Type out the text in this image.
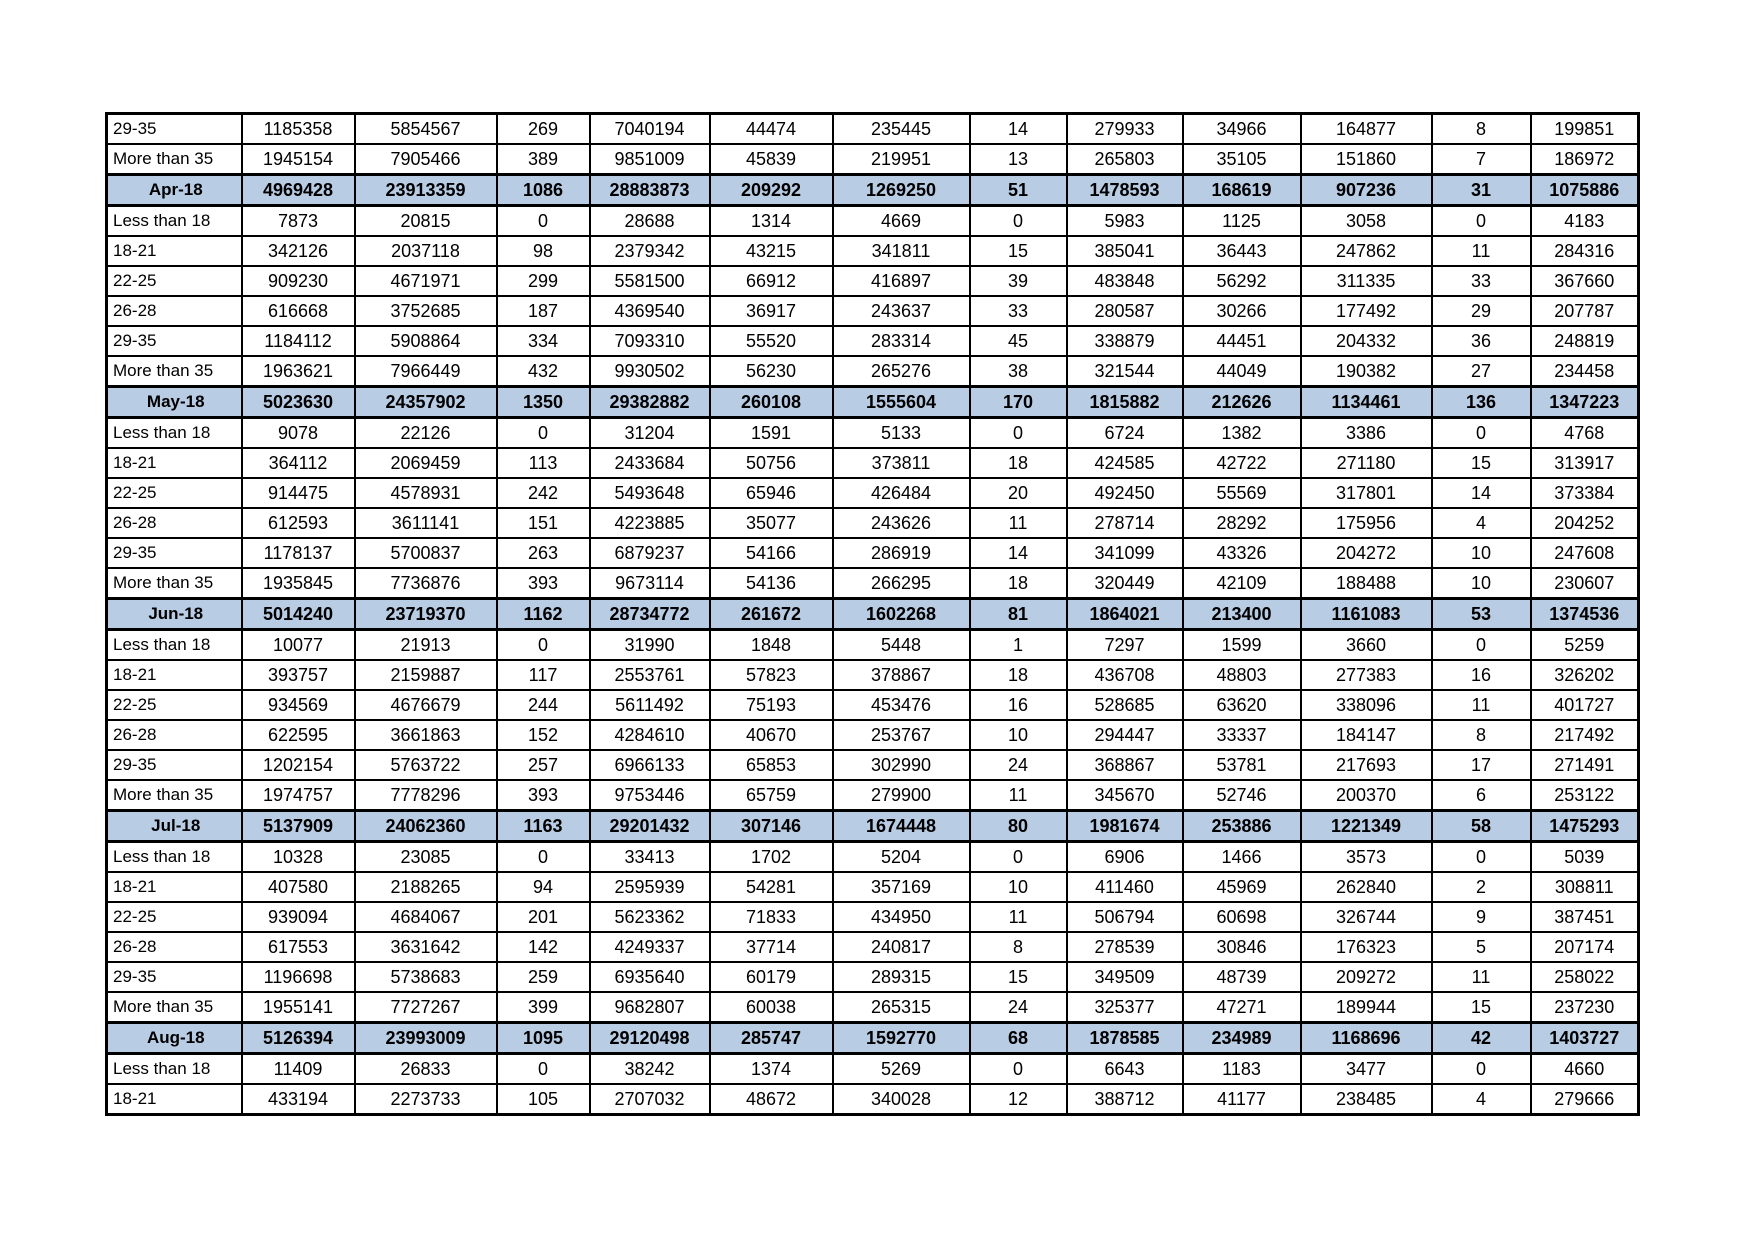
29-35	1185358	5854567	269	7040194	44474	235445	14	279933	34966	164877	8	199851
More than 35	1945154	7905466	389	9851009	45839	219951	13	265803	35105	151860	7	186972
Apr-18	4969428	23913359	1086	28883873	209292	1269250	51	1478593	168619	907236	31	1075886
Less than 18	7873	20815	0	28688	1314	4669	0	5983	1125	3058	0	4183
18-21	342126	2037118	98	2379342	43215	341811	15	385041	36443	247862	11	284316
22-25	909230	4671971	299	5581500	66912	416897	39	483848	56292	311335	33	367660
26-28	616668	3752685	187	4369540	36917	243637	33	280587	30266	177492	29	207787
29-35	1184112	5908864	334	7093310	55520	283314	45	338879	44451	204332	36	248819
More than 35	1963621	7966449	432	9930502	56230	265276	38	321544	44049	190382	27	234458
May-18	5023630	24357902	1350	29382882	260108	1555604	170	1815882	212626	1134461	136	1347223
Less than 18	9078	22126	0	31204	1591	5133	0	6724	1382	3386	0	4768
18-21	364112	2069459	113	2433684	50756	373811	18	424585	42722	271180	15	313917
22-25	914475	4578931	242	5493648	65946	426484	20	492450	55569	317801	14	373384
26-28	612593	3611141	151	4223885	35077	243626	11	278714	28292	175956	4	204252
29-35	1178137	5700837	263	6879237	54166	286919	14	341099	43326	204272	10	247608
More than 35	1935845	7736876	393	9673114	54136	266295	18	320449	42109	188488	10	230607
Jun-18	5014240	23719370	1162	28734772	261672	1602268	81	1864021	213400	1161083	53	1374536
Less than 18	10077	21913	0	31990	1848	5448	1	7297	1599	3660	0	5259
18-21	393757	2159887	117	2553761	57823	378867	18	436708	48803	277383	16	326202
22-25	934569	4676679	244	5611492	75193	453476	16	528685	63620	338096	11	401727
26-28	622595	3661863	152	4284610	40670	253767	10	294447	33337	184147	8	217492
29-35	1202154	5763722	257	6966133	65853	302990	24	368867	53781	217693	17	271491
More than 35	1974757	7778296	393	9753446	65759	279900	11	345670	52746	200370	6	253122
Jul-18	5137909	24062360	1163	29201432	307146	1674448	80	1981674	253886	1221349	58	1475293
Less than 18	10328	23085	0	33413	1702	5204	0	6906	1466	3573	0	5039
18-21	407580	2188265	94	2595939	54281	357169	10	411460	45969	262840	2	308811
22-25	939094	4684067	201	5623362	71833	434950	11	506794	60698	326744	9	387451
26-28	617553	3631642	142	4249337	37714	240817	8	278539	30846	176323	5	207174
29-35	1196698	5738683	259	6935640	60179	289315	15	349509	48739	209272	11	258022
More than 35	1955141	7727267	399	9682807	60038	265315	24	325377	47271	189944	15	237230
Aug-18	5126394	23993009	1095	29120498	285747	1592770	68	1878585	234989	1168696	42	1403727
Less than 18	11409	26833	0	38242	1374	5269	0	6643	1183	3477	0	4660
18-21	433194	2273733	105	2707032	48672	340028	12	388712	41177	238485	4	279666
